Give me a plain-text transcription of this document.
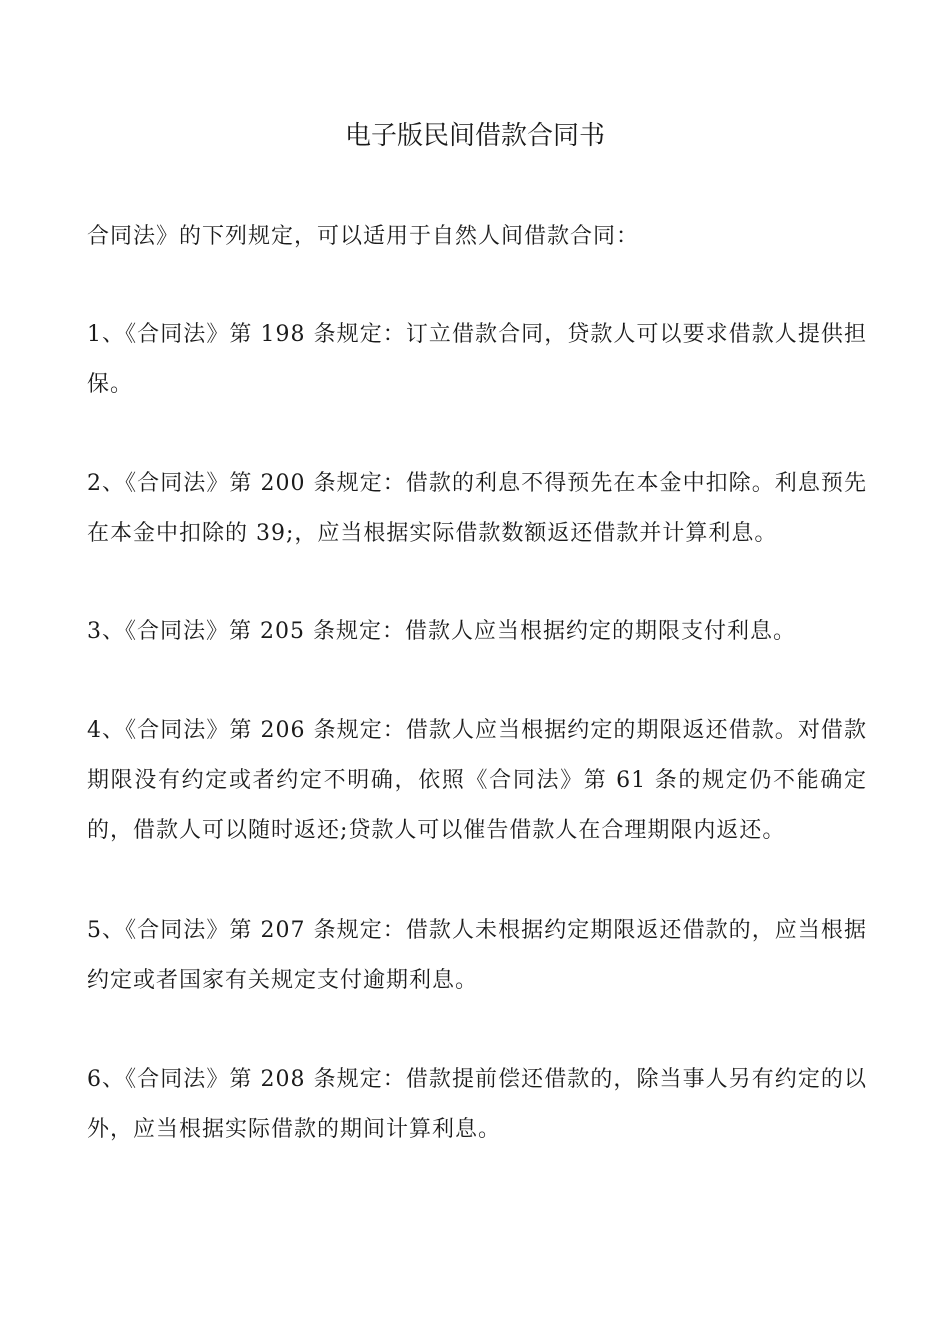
电子版民间借款合同书

合同法》的下列规定，可以适用于自然人间借款合同：

1、《合同法》第 198 条规定：订立借款合同，贷款人可以要求借款人提供担保。

2、《合同法》第 200 条规定：借款的利息不得预先在本金中扣除。利息预先在本金中扣除的 39;，应当根据实际借款数额返还借款并计算利息。

3、《合同法》第 205 条规定：借款人应当根据约定的期限支付利息。

4、《合同法》第 206 条规定：借款人应当根据约定的期限返还借款。对借款期限没有约定或者约定不明确，依照《合同法》第 61 条的规定仍不能确定的，借款人可以随时返还;贷款人可以催告借款人在合理期限内返还。

5、《合同法》第 207 条规定：借款人未根据约定期限返还借款的，应当根据约定或者国家有关规定支付逾期利息。

6、《合同法》第 208 条规定：借款提前偿还借款的，除当事人另有约定的以外，应当根据实际借款的期间计算利息。
